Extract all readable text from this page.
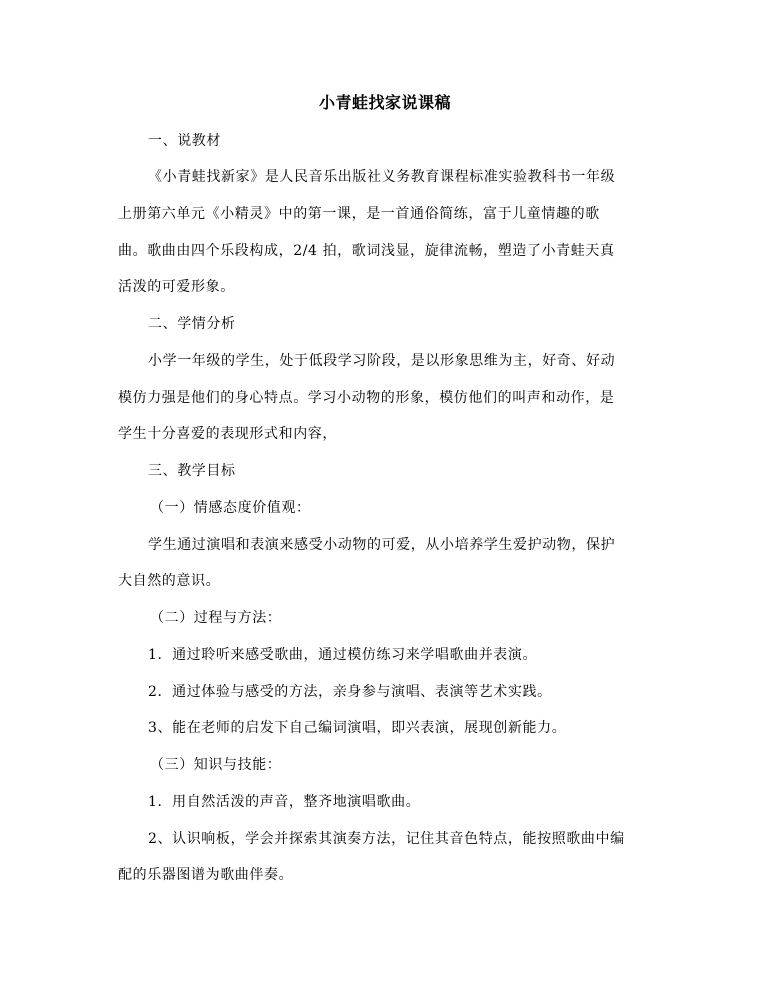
小青蛙找家说课稿
一、说教材
《小青蛙找新家》是人民音乐出版社义务教育课程标准实验教科书一年级
上册第六单元《小精灵》中的第一课，是一首通俗简练，富于儿童情趣的歌
曲。歌曲由四个乐段构成，2/4 拍，歌词浅显，旋律流畅，塑造了小青蛙天真
活泼的可爱形象。
二、学情分析
小学一年级的学生，处于低段学习阶段，是以形象思维为主，好奇、好动
模仿力强是他们的身心特点。学习小动物的形象，模仿他们的叫声和动作，是
学生十分喜爱的表现形式和内容，
三、教学目标
（一）情感态度价值观：
学生通过演唱和表演来感受小动物的可爱，从小培养学生爱护动物，保护
大自然的意识。
（二）过程与方法：
1．通过聆听来感受歌曲，通过模仿练习来学唱歌曲并表演。
2．通过体验与感受的方法，亲身参与演唱、表演等艺术实践。
3、能在老师的启发下自己编词演唱，即兴表演，展现创新能力。
（三）知识与技能：
1．用自然活泼的声音，整齐地演唱歌曲。
2、认识响板，学会并探索其演奏方法，记住其音色特点，能按照歌曲中编
配的乐器图谱为歌曲伴奏。
